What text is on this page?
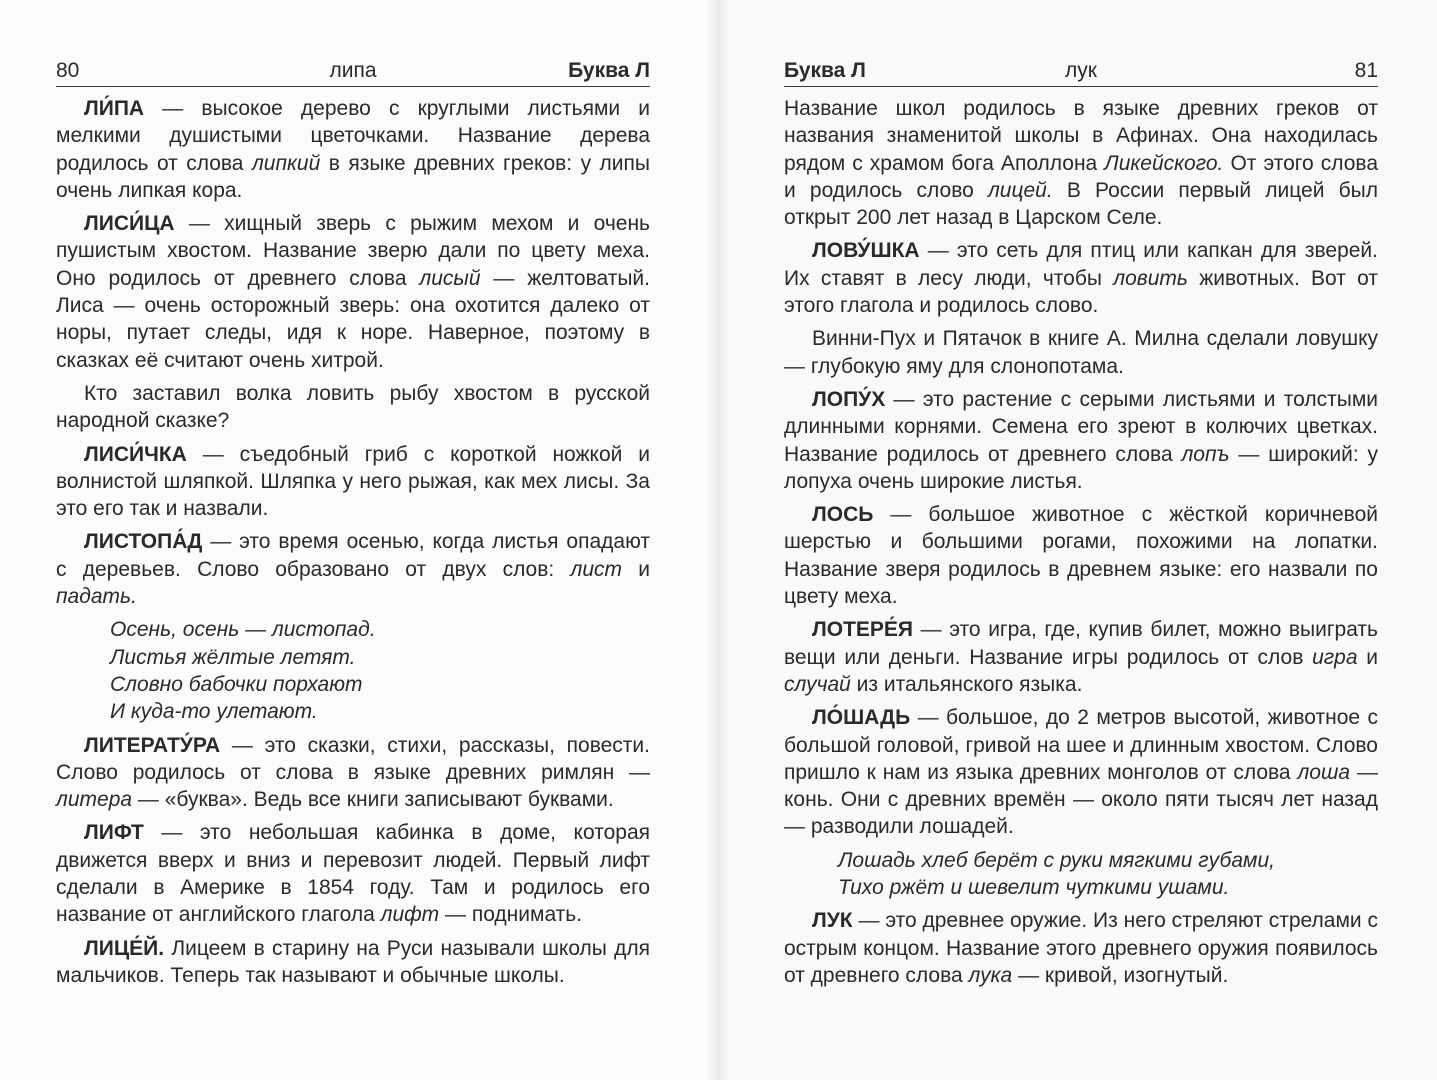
80	липа	Буква Л

ЛИ́ПА — высокое дерево с круглыми листьями и мелкими душистыми цветочками. Название дерева родилось от слова липкий в языке древних греков: у липы очень липкая кора.

ЛИСИ́ЦА — хищный зверь с рыжим мехом и очень пушистым хвостом. Название зверю дали по цвету меха. Оно родилось от древнего слова лисый — желтоватый. Лиса — очень осторожный зверь: она охотится далеко от норы, путает следы, идя к норе. Наверное, поэтому в сказках её считают очень хитрой.

Кто заставил волка ловить рыбу хвостом в русской народной сказке?

ЛИСИ́ЧКА — съедобный гриб с короткой ножкой и волнистой шляпкой. Шляпка у него рыжая, как мех лисы. За это его так и назвали.

ЛИСТОПА́Д — это время осенью, когда листья опадают с деревьев. Слово образовано от двух слов: лист и падать.

Осень, осень — листопад.
Листья жёлтые летят.
Словно бабочки порхают
И куда-то улетают.

ЛИТЕРАТУ́РА — это сказки, стихи, рассказы, повести. Слово родилось от слова в языке древних римлян — литера — «буква». Ведь все книги записывают буквами.

ЛИФТ — это небольшая кабинка в доме, которая движется вверх и вниз и перевозит людей. Первый лифт сделали в Америке в 1854 году. Там и родилось его название от английского глагола лифт — поднимать.

ЛИЦЕ́Й. Лицеем в старину на Руси называли школы для мальчиков. Теперь так называют и обычные школы.

Буква Л	лук	81

Название школ родилось в языке древних греков от названия знаменитой школы в Афинах. Она находилась рядом с храмом бога Аполлона Ликейского. От этого слова и родилось слово лицей. В России первый лицей был открыт 200 лет назад в Царском Селе.

ЛОВУ́ШКА — это сеть для птиц или капкан для зверей. Их ставят в лесу люди, чтобы ловить животных. Вот от этого глагола и родилось слово.

Винни-Пух и Пятачок в книге А. Милна сделали ловушку — глубокую яму для слонопотама.

ЛОПУ́Х — это растение с серыми листьями и толстыми длинными корнями. Семена его зреют в колючих цветках. Название родилось от древнего слова лопъ — широкий: у лопуха очень широкие листья.

ЛОСЬ — большое животное с жёсткой коричневой шерстью и большими рогами, похожими на лопатки. Название зверя родилось в древнем языке: его назвали по цвету меха.

ЛОТЕРЕ́Я — это игра, где, купив билет, можно выиграть вещи или деньги. Название игры родилось от слов игра и случай из итальянского языка.

ЛО́ШАДЬ — большое, до 2 метров высотой, животное с большой головой, гривой на шее и длинным хвостом. Слово пришло к нам из языка древних монголов от слова лоша — конь. Они с древних времён — около пяти тысяч лет назад — разводили лошадей.

Лошадь хлеб берёт с руки мягкими губами,
Тихо ржёт и шевелит чуткими ушами.

ЛУК — это древнее оружие. Из него стреляют стрелами с острым концом. Название этого древнего оружия появилось от древнего слова лука — кривой, изогнутый.
